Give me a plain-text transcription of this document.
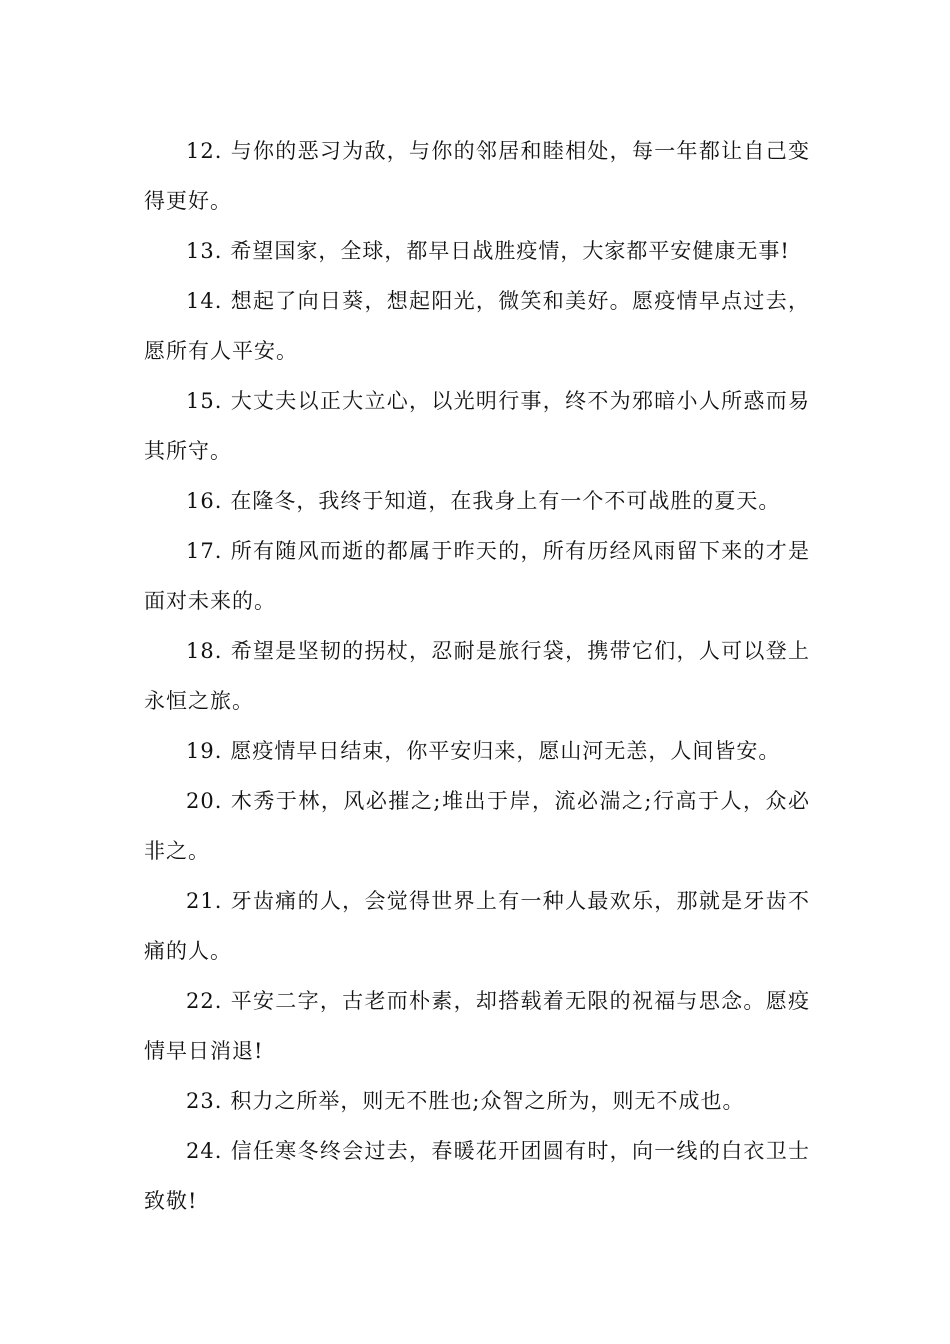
12. 与你的恶习为敌，与你的邻居和睦相处，每一年都让自己变得更好。

13. 希望国家，全球，都早日战胜疫情，大家都平安健康无事!

14. 想起了向日葵，想起阳光，微笑和美好。愿疫情早点过去，愿所有人平安。

15. 大丈夫以正大立心，以光明行事，终不为邪暗小人所惑而易其所守。

16. 在隆冬，我终于知道，在我身上有一个不可战胜的夏天。

17. 所有随风而逝的都属于昨天的，所有历经风雨留下来的才是面对未来的。

18. 希望是坚韧的拐杖，忍耐是旅行袋，携带它们，人可以登上永恒之旅。

19. 愿疫情早日结束，你平安归来，愿山河无恙，人间皆安。

20. 木秀于林，风必摧之;堆出于岸，流必湍之;行高于人，众必非之。

21. 牙齿痛的人，会觉得世界上有一种人最欢乐，那就是牙齿不痛的人。

22. 平安二字，古老而朴素，却搭载着无限的祝福与思念。愿疫情早日消退!

23. 积力之所举，则无不胜也;众智之所为，则无不成也。

24. 信任寒冬终会过去，春暖花开团圆有时，向一线的白衣卫士致敬!
